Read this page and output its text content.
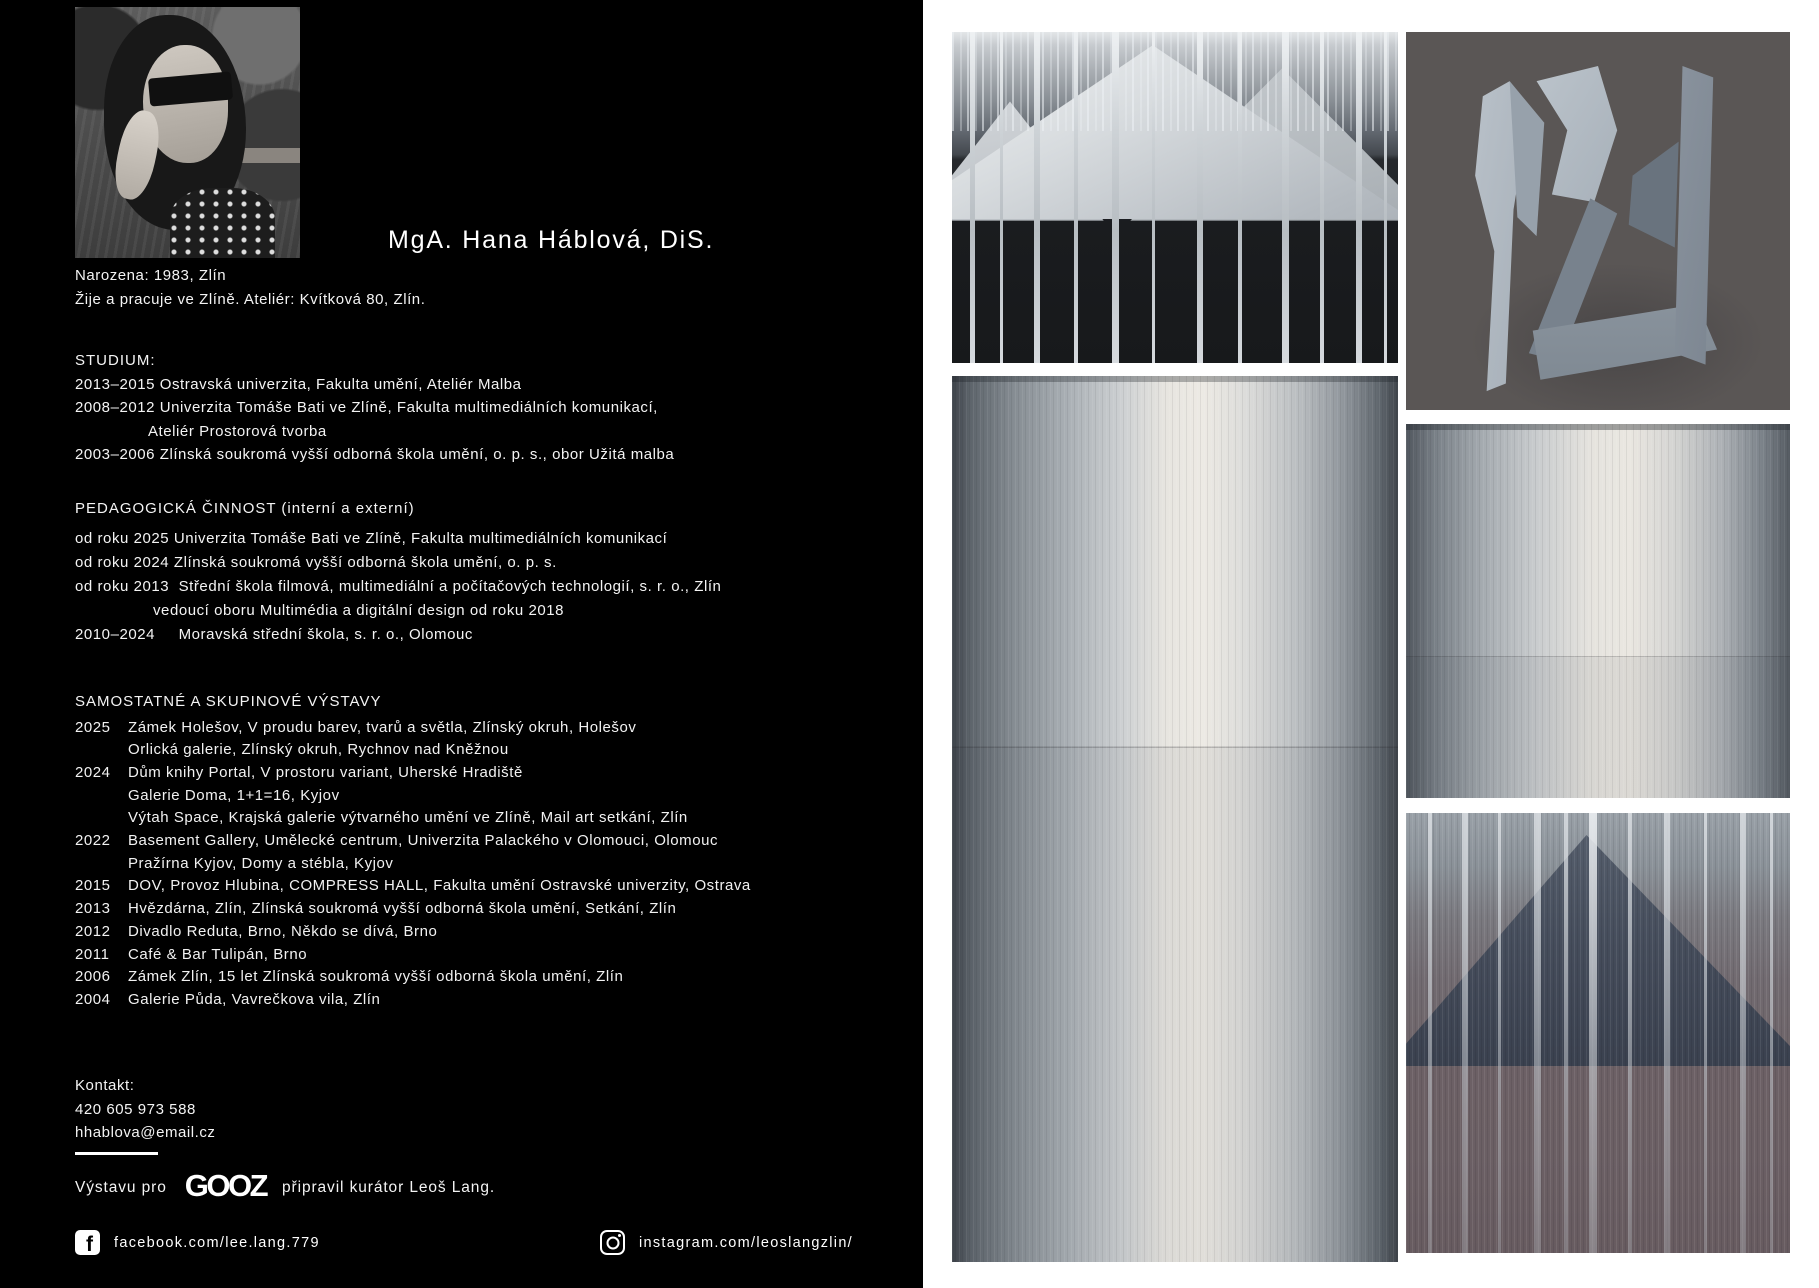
MgA. Hana Háblová, DiS.
Narozena: 1983, Zlín
Žije a pracuje ve Zlíně. Ateliér: Kvítková 80, Zlín.
STUDIUM:
2013–2015 Ostravská univerzita, Fakulta umění, Ateliér Malba
2008–2012 Univerzita Tomáše Bati ve Zlíně, Fakulta multimediálních komunikací,
Ateliér Prostorová tvorba
2003–2006 Zlínská soukromá vyšší odborná škola umění, o. p. s., obor Užitá malba
PEDAGOGICKÁ ČINNOST (interní a externí)
od roku 2025 Univerzita Tomáše Bati ve Zlíně, Fakulta multimediálních komunikací
od roku 2024 Zlínská soukromá vyšší odborná škola umění, o. p. s.
od roku 2013  Střední škola filmová, multimediální a počítačových technologií, s. r. o., Zlín
vedoucí oboru Multimédia a digitální design od roku 2018
2010–2024     Moravská střední škola, s. r. o., Olomouc
SAMOSTATNÉ A SKUPINOVÉ VÝSTAVY
2025	Zámek Holešov, V proudu barev, tvarů a světla, Zlínský okruh, Holešov
Orlická galerie, Zlínský okruh, Rychnov nad Kněžnou
2024	Dům knihy Portal, V prostoru variant, Uherské Hradiště
Galerie Doma, 1+1=16, Kyjov
Výtah Space, Krajská galerie výtvarného umění ve Zlíně, Mail art setkání, Zlín
2022	Basement Gallery, Umělecké centrum, Univerzita Palackého v Olomouci, Olomouc
Pražírna Kyjov, Domy a stébla, Kyjov
2015	DOV, Provoz Hlubina, COMPRESS HALL, Fakulta umění Ostravské univerzity, Ostrava
2013	Hvězdárna, Zlín, Zlínská soukromá vyšší odborná škola umění, Setkání, Zlín
2012	Divadlo Reduta, Brno, Někdo se dívá, Brno
2011	Café & Bar Tulipán, Brno
2006	Zámek Zlín, 15 let Zlínská soukromá vyšší odborná škola umění, Zlín
2004	Galerie Půda, Vavrečkova vila, Zlín
Kontakt:
420 605 973 588
hhablova@email.cz
Výstavu pro GOOZ připravil kurátor Leoš Lang.
f facebook.com/lee.lang.779	instagram.com/leoslangzlin/
